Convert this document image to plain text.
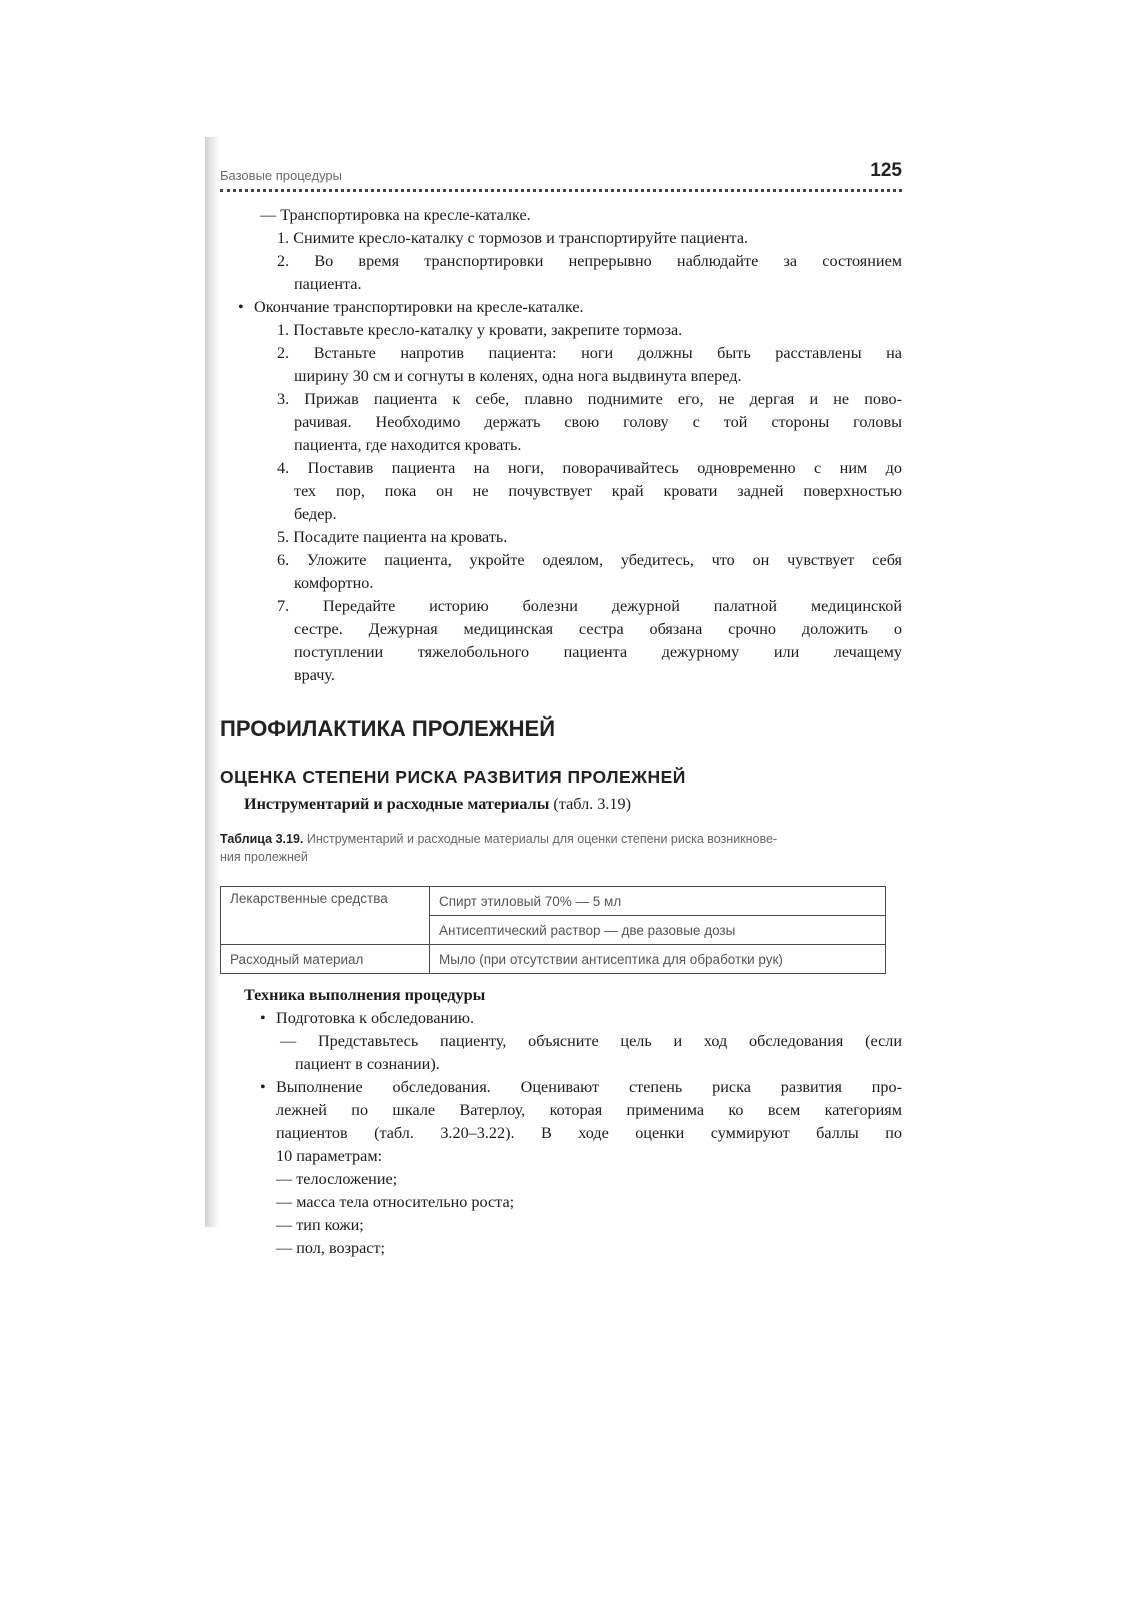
Базовые процедуры	125
— Транспортировка на кресле-каталке.
1. Снимите кресло-каталку с тормозов и транспортируйте пациента.
2. Во время транспортировки непрерывно наблюдайте за состоянием
пациента.
• Окончание транспортировки на кресле-каталке.
1. Поставьте кресло-каталку у кровати, закрепите тормоза.
2. Встаньте напротив пациента: ноги должны быть расставлены на
ширину 30 см и согнуты в коленях, одна нога выдвинута вперед.
3. Прижав пациента к себе, плавно поднимите его, не дергая и не пово-
рачивая. Необходимо держать свою голову с той стороны головы
пациента, где находится кровать.
4. Поставив пациента на ноги, поворачивайтесь одновременно с ним до
тех пор, пока он не почувствует край кровати задней поверхностью
бедер.
5. Посадите пациента на кровать.
6. Уложите пациента, укройте одеялом, убедитесь, что он чувствует себя
комфортно.
7. Передайте историю болезни дежурной палатной медицинской
сестре. Дежурная медицинская сестра обязана срочно доложить о
поступлении тяжелобольного пациента дежурному или лечащему
врачу.
ПРОФИЛАКТИКА ПРОЛЕЖНЕЙ
ОЦЕНКА СТЕПЕНИ РИСКА РАЗВИТИЯ ПРОЛЕЖНЕЙ
Инструментарий и расходные материалы (табл. 3.19)
Таблица 3.19. Инструментарий и расходные материалы для оценки степени риска возникнове-
ния пролежней
Лекарственные средства	Спирт этиловый 70% — 5 мл
	Антисептический раствор — две разовые дозы
Расходный материал	Мыло (при отсутствии антисептика для обработки рук)
Техника выполнения процедуры
• Подготовка к обследованию.
— Представьтесь пациенту, объясните цель и ход обследования (если
пациент в сознании).
• Выполнение обследования. Оценивают степень риска развития про-
лежней по шкале Ватерлоу, которая применима ко всем категориям
пациентов (табл. 3.20–3.22). В ходе оценки суммируют баллы по
10 параметрам:
— телосложение;
— масса тела относительно роста;
— тип кожи;
— пол, возраст;
